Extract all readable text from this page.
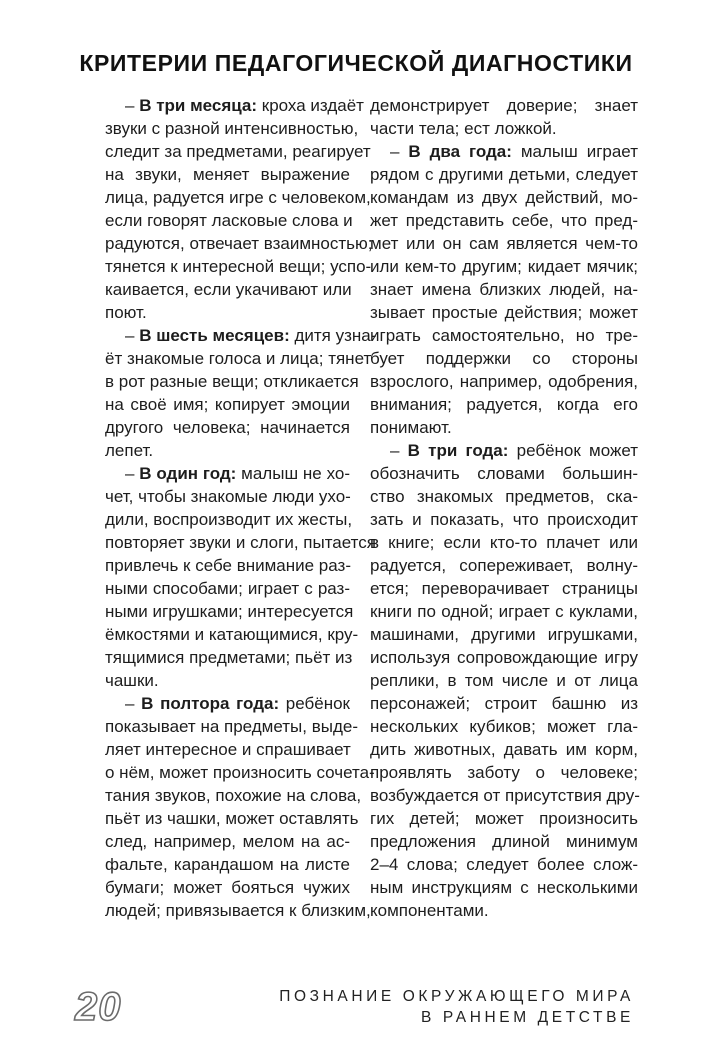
КРИТЕРИИ ПЕДАГОГИЧЕСКОЙ ДИАГНОСТИКИ
– В три месяца: кроха издаёт
звуки с разной интенсивностью,
следит за предметами, реагирует
на звуки, меняет выражение
лица, радуется игре с человеком,
если говорят ласковые слова и
радуются, отвечает взаимностью;
тянется к интересной вещи; успо-
каивается, если укачивают или
поют.
– В шесть месяцев: дитя узна-
ёт знакомые голоса и лица; тянет
в рот разные вещи; откликается
на своё имя; копирует эмоции
другого человека; начинается
лепет.
– В один год: малыш не хо-
чет, чтобы знакомые люди ухо-
дили, воспроизводит их жесты,
повторяет звуки и слоги, пытается
привлечь к себе внимание раз-
ными способами; играет с раз-
ными игрушками; интересуется
ёмкостями и катающимися, кру-
тящимися предметами; пьёт из
чашки.
– В полтора года: ребёнок
показывает на предметы, выде-
ляет интересное и спрашивает
о нём, может произносить сочета-
тания звуков, похожие на слова,
пьёт из чашки, может оставлять
след, например, мелом на ас-
фальте, карандашом на листе
бумаги; может бояться чужих
людей; привязывается к близким,
демонстрирует доверие; знает
части тела; ест ложкой.
– В два года: малыш играет
рядом с другими детьми, следует
командам из двух действий, мо-
жет представить себе, что пред-
мет или он сам является чем-то
или кем-то другим; кидает мячик;
знает имена близких людей, на-
зывает простые действия; может
играть самостоятельно, но тре-
бует поддержки со стороны
взрослого, например, одобрения,
внимания; радуется, когда его
понимают.
– В три года: ребёнок может
обозначить словами большин-
ство знакомых предметов, ска-
зать и показать, что происходит
в книге; если кто-то плачет или
радуется, сопереживает, волну-
ется; переворачивает страницы
книги по одной; играет с куклами,
машинами, другими игрушками,
используя сопровождающие игру
реплики, в том числе и от лица
персонажей; строит башню из
нескольких кубиков; может гла-
дить животных, давать им корм,
проявлять заботу о человеке;
возбуждается от присутствия дру-
гих детей; может произносить
предложения длиной минимум
2–4 слова; следует более слож-
ным инструкциям с несколькими
компонентами.
20	ПОЗНАНИЕ ОКРУЖАЮЩЕГО МИРА
В РАННЕМ ДЕТСТВЕ
